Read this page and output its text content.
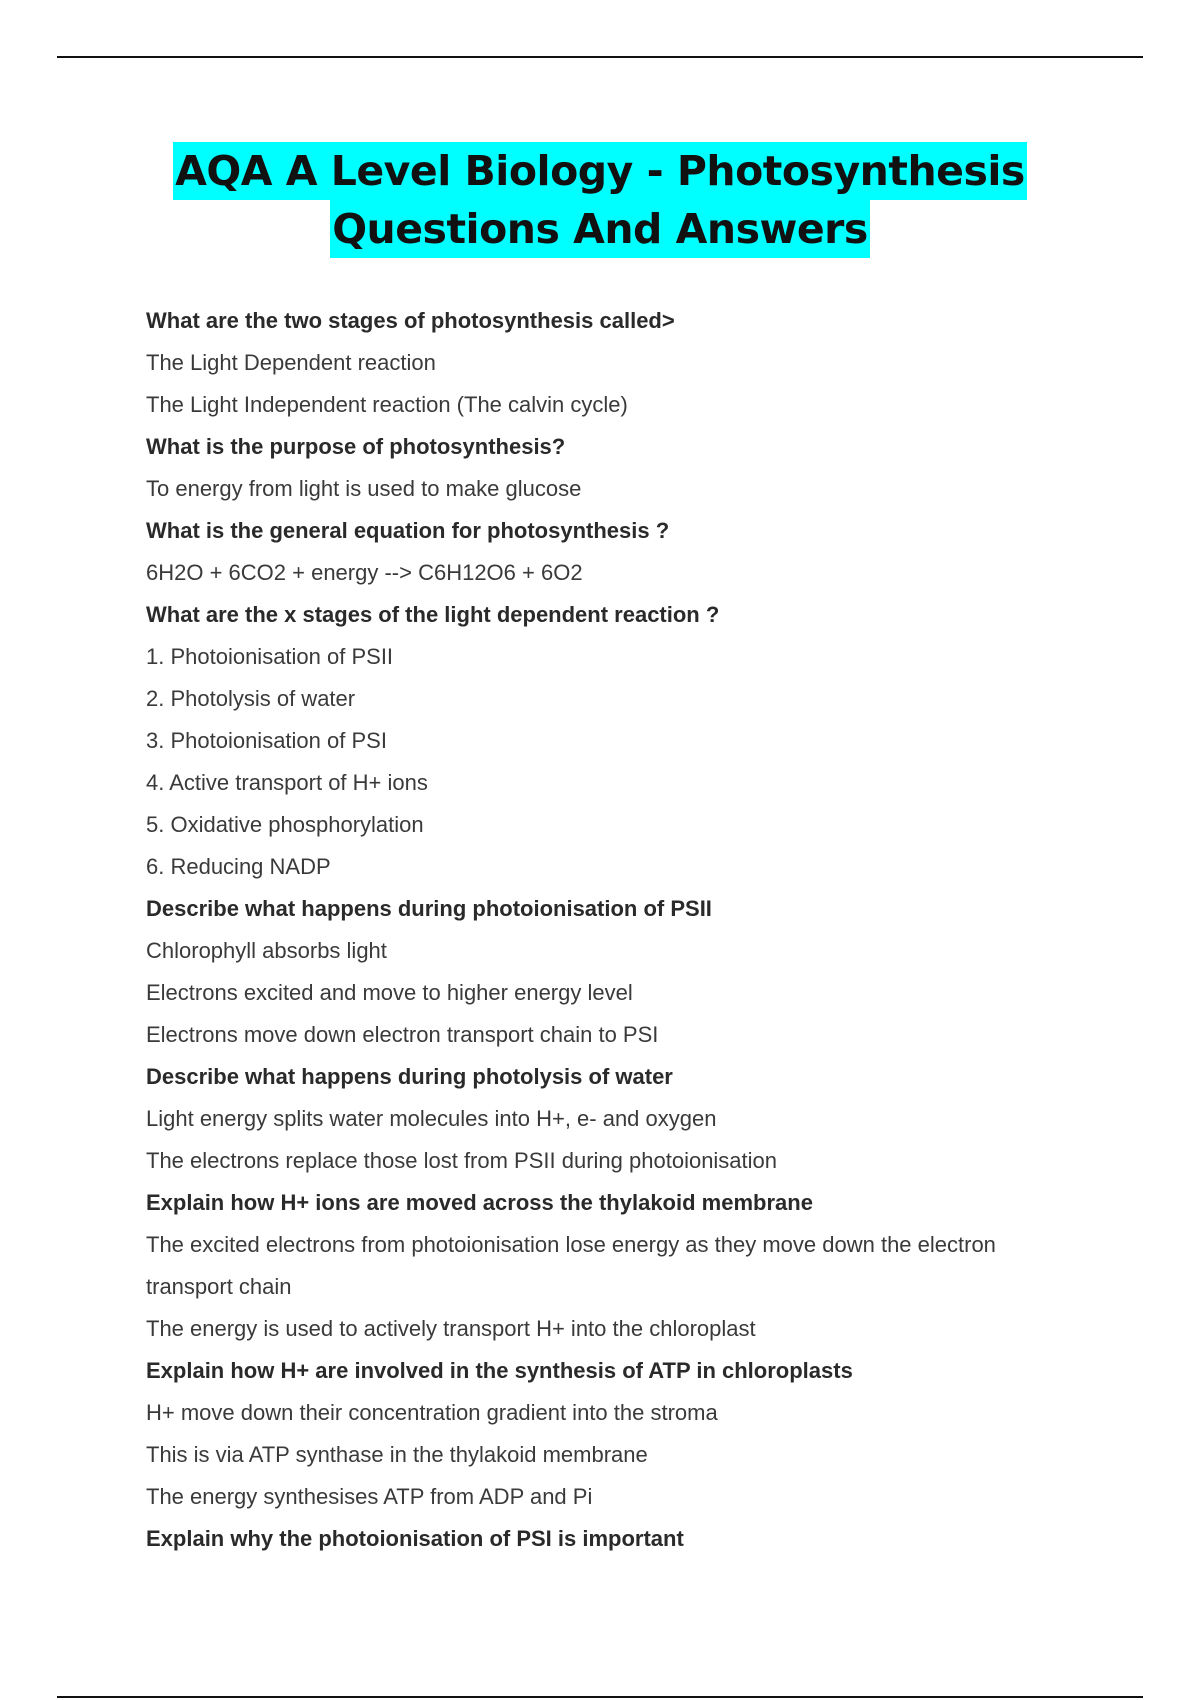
AQA A Level Biology - Photosynthesis
Questions And Answers

What are the two stages of photosynthesis called>

The Light Dependent reaction

The Light Independent reaction (The calvin cycle)

What is the purpose of photosynthesis?

To energy from light is used to make glucose

What is the general equation for photosynthesis ?

6H2O + 6CO2 + energy --> C6H12O6 + 6O2

What are the x stages of the light dependent reaction ?

1. Photoionisation of PSII

2. Photolysis of water

3. Photoionisation of PSI

4. Active transport of H+ ions

5. Oxidative phosphorylation

6. Reducing NADP

Describe what happens during photoionisation of PSII

Chlorophyll absorbs light

Electrons excited and move to higher energy level

Electrons move down electron transport chain to PSI

Describe what happens during photolysis of water

Light energy splits water molecules into H+, e- and oxygen

The electrons replace those lost from PSII during photoionisation

Explain how H+ ions are moved across the thylakoid membrane

The excited electrons from photoionisation lose energy as they move down the electron transport chain

The energy is used to actively transport H+ into the chloroplast

Explain how H+ are involved in the synthesis of ATP in chloroplasts

H+ move down their concentration gradient into the stroma

This is via ATP synthase in the thylakoid membrane

The energy synthesises ATP from ADP and Pi

Explain why the photoionisation of PSI is important
